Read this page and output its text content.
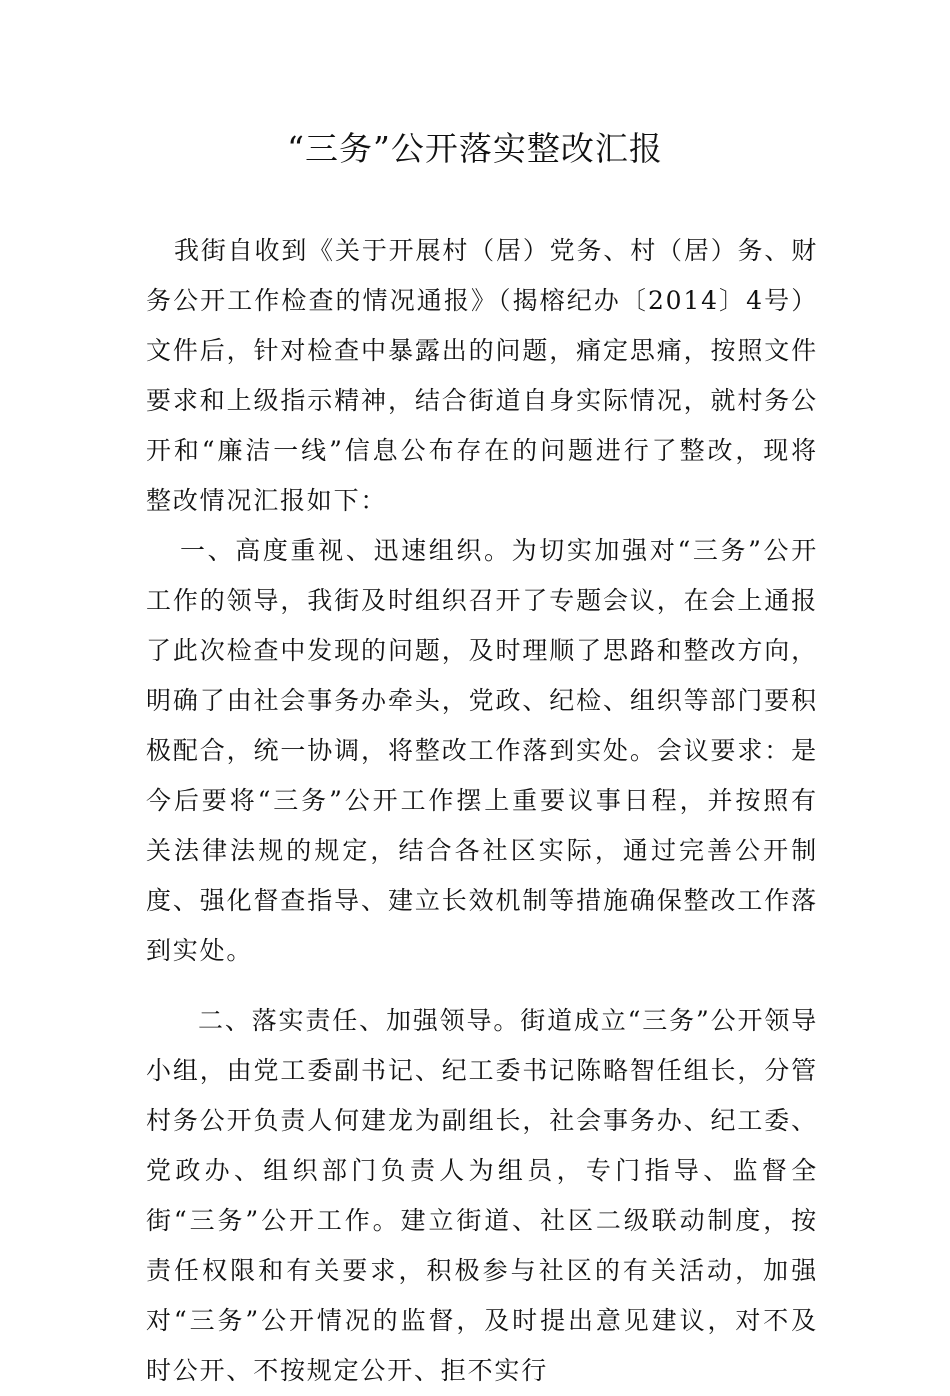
“三务”公开落实整改汇报

我街自收到《关于开展村（居）党务、村（居）务、财务公开工作检查的情况通报》（揭榕纪办〔2014〕4号）文件后，针对检查中暴露出的问题，痛定思痛，按照文件要求和上级指示精神，结合街道自身实际情况，就村务公开和“廉洁一线”信息公布存在的问题进行了整改，现将整改情况汇报如下：

一、高度重视、迅速组织。为切实加强对“三务”公开工作的领导，我街及时组织召开了专题会议，在会上通报了此次检查中发现的问题，及时理顺了思路和整改方向，明确了由社会事务办牵头，党政、纪检、组织等部门要积极配合，统一协调，将整改工作落到实处。会议要求：是今后要将“三务”公开工作摆上重要议事日程，并按照有关法律法规的规定，结合各社区实际，通过完善公开制度、强化督查指导、建立长效机制等措施确保整改工作落到实处。

二、落实责任、加强领导。街道成立“三务”公开领导小组，由党工委副书记、纪工委书记陈略智任组长，分管村务公开负责人何建龙为副组长，社会事务办、纪工委、党政办、组织部门负责人为组员，专门指导、监督全街“三务”公开工作。建立街道、社区二级联动制度，按责任权限和有关要求，积极参与社区的有关活动，加强对“三务”公开情况的监督，及时提出意见建议，对不及时公开、不按规定公开、拒不实行
